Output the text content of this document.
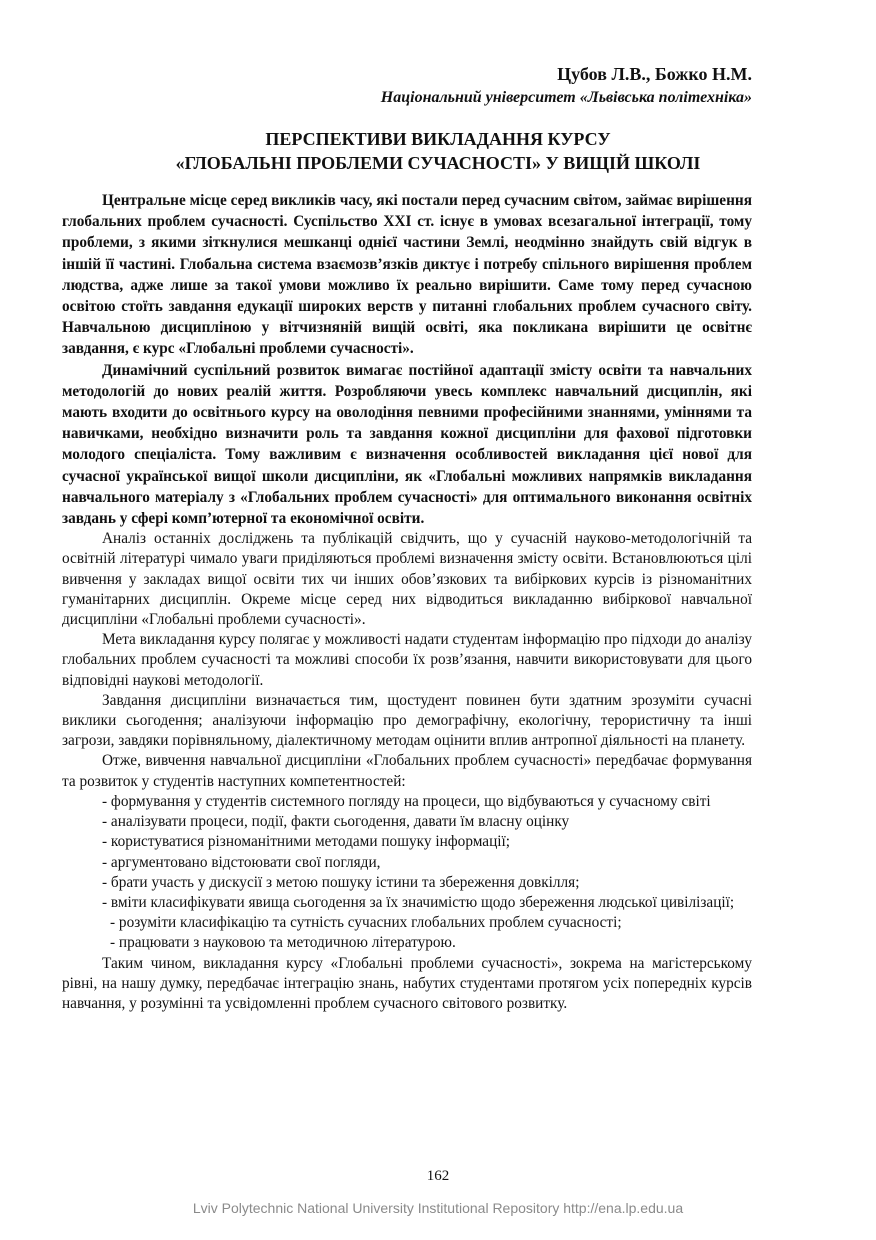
Цубов Л.В., Божко Н.М.
Національний університет «Львівська політехніка»
ПЕРСПЕКТИВИ ВИКЛАДАННЯ КУРСУ
«ГЛОБАЛЬНІ ПРОБЛЕМИ СУЧАСНОСТІ» У ВИЩІЙ ШКОЛІ

Центральне місце серед викликів часу, які постали перед сучасним світом, займає вирішення глобальних проблем сучасності. Суспільство XXI ст. існує в умовах всезагальної інтеграції, тому проблеми, з якими зіткнулися мешканці однієї частини Землі, неодмінно знайдуть свій відгук в іншій її частині. Глобальна система взаємозв’язків диктує і потребу спільного вирішення проблем людства, адже лише за такої умови можливо їх реально вирішити. Саме тому перед сучасною освітою стоїть завдання едукації широких верств у питанні глобальних проблем сучасного світу. Навчальною дисципліною у вітчизняній вищій освіті, яка покликана вирішити це освітнє завдання, є курс «Глобальні проблеми сучасності».

Динамічний суспільний розвиток вимагає постійної адаптації змісту освіти та навчальних методологій до нових реалій життя. Розробляючи увесь комплекс навчальний дисциплін, які мають входити до освітнього курсу на оволодіння певними професійними знаннями, уміннями та навичками, необхідно визначити роль та завдання кожної дисципліни для фахової підготовки молодого спеціаліста. Тому важливим є визначення особливостей викладання цієї нової для сучасної української вищої школи дисципліни, як «Глобальні можливих напрямків викладання навчального матеріалу з «Глобальних проблем сучасності» для оптимального виконання освітніх завдань у сфері комп’ютерної та економічної освіти.

Аналіз останніх досліджень та публікацій свідчить, що у сучасній науково-методологічній та освітній літературі чимало уваги приділяються проблемі визначення змісту освіти. Встановлюються цілі вивчення у закладах вищої освіти тих чи інших обов’язкових та вибіркових курсів із різноманітних гуманітарних дисциплін. Окреме місце серед них відводиться викладанню вибіркової навчальної дисципліни «Глобальні проблеми сучасності».

Мета викладання курсу полягає у можливості надати студентам інформацію про підходи до аналізу глобальних проблем сучасності та можливі способи їх розв’язання, навчити використовувати для цього відповідні наукові методології.

Завдання дисципліни визначається тим, щостудент повинен бути здатним зрозуміти сучасні виклики сьогодення; аналізуючи інформацію про демографічну, екологічну, терористичну та інші загрози, завдяки порівняльному, діалектичному методам оцінити вплив антропної діяльності на планету.

Отже, вивчення навчальної дисципліни «Глобальних проблем сучасності» передбачає формування та розвиток у студентів наступних компетентностей:

- формування у студентів системного погляду на процеси, що відбуваються у сучасному світі

- аналізувати процеси, події, факти сьогодення, давати їм власну оцінку

- користуватися різноманітними методами пошуку інформації;

- аргументовано відстоювати свої погляди,

- брати участь у дискусії з метою пошуку істини та збереження довкілля;

- вміти класифікувати явища сьогодення за їх значимістю щодо збереження людської цивілізації;

- розуміти класифікацію та сутність сучасних глобальних проблем сучасності;

- працювати з науковою та методичною літературою.

Таким чином, викладання курсу «Глобальні проблеми сучасності», зокрема на магістерському рівні, на нашу думку, передбачає інтеграцію знань, набутих студентами протягом усіх попередніх курсів навчання, у розумінні та усвідомленні проблем сучасного світового розвитку.

162
Lviv Polytechnic National University Institutional Repository http://ena.lp.edu.ua
